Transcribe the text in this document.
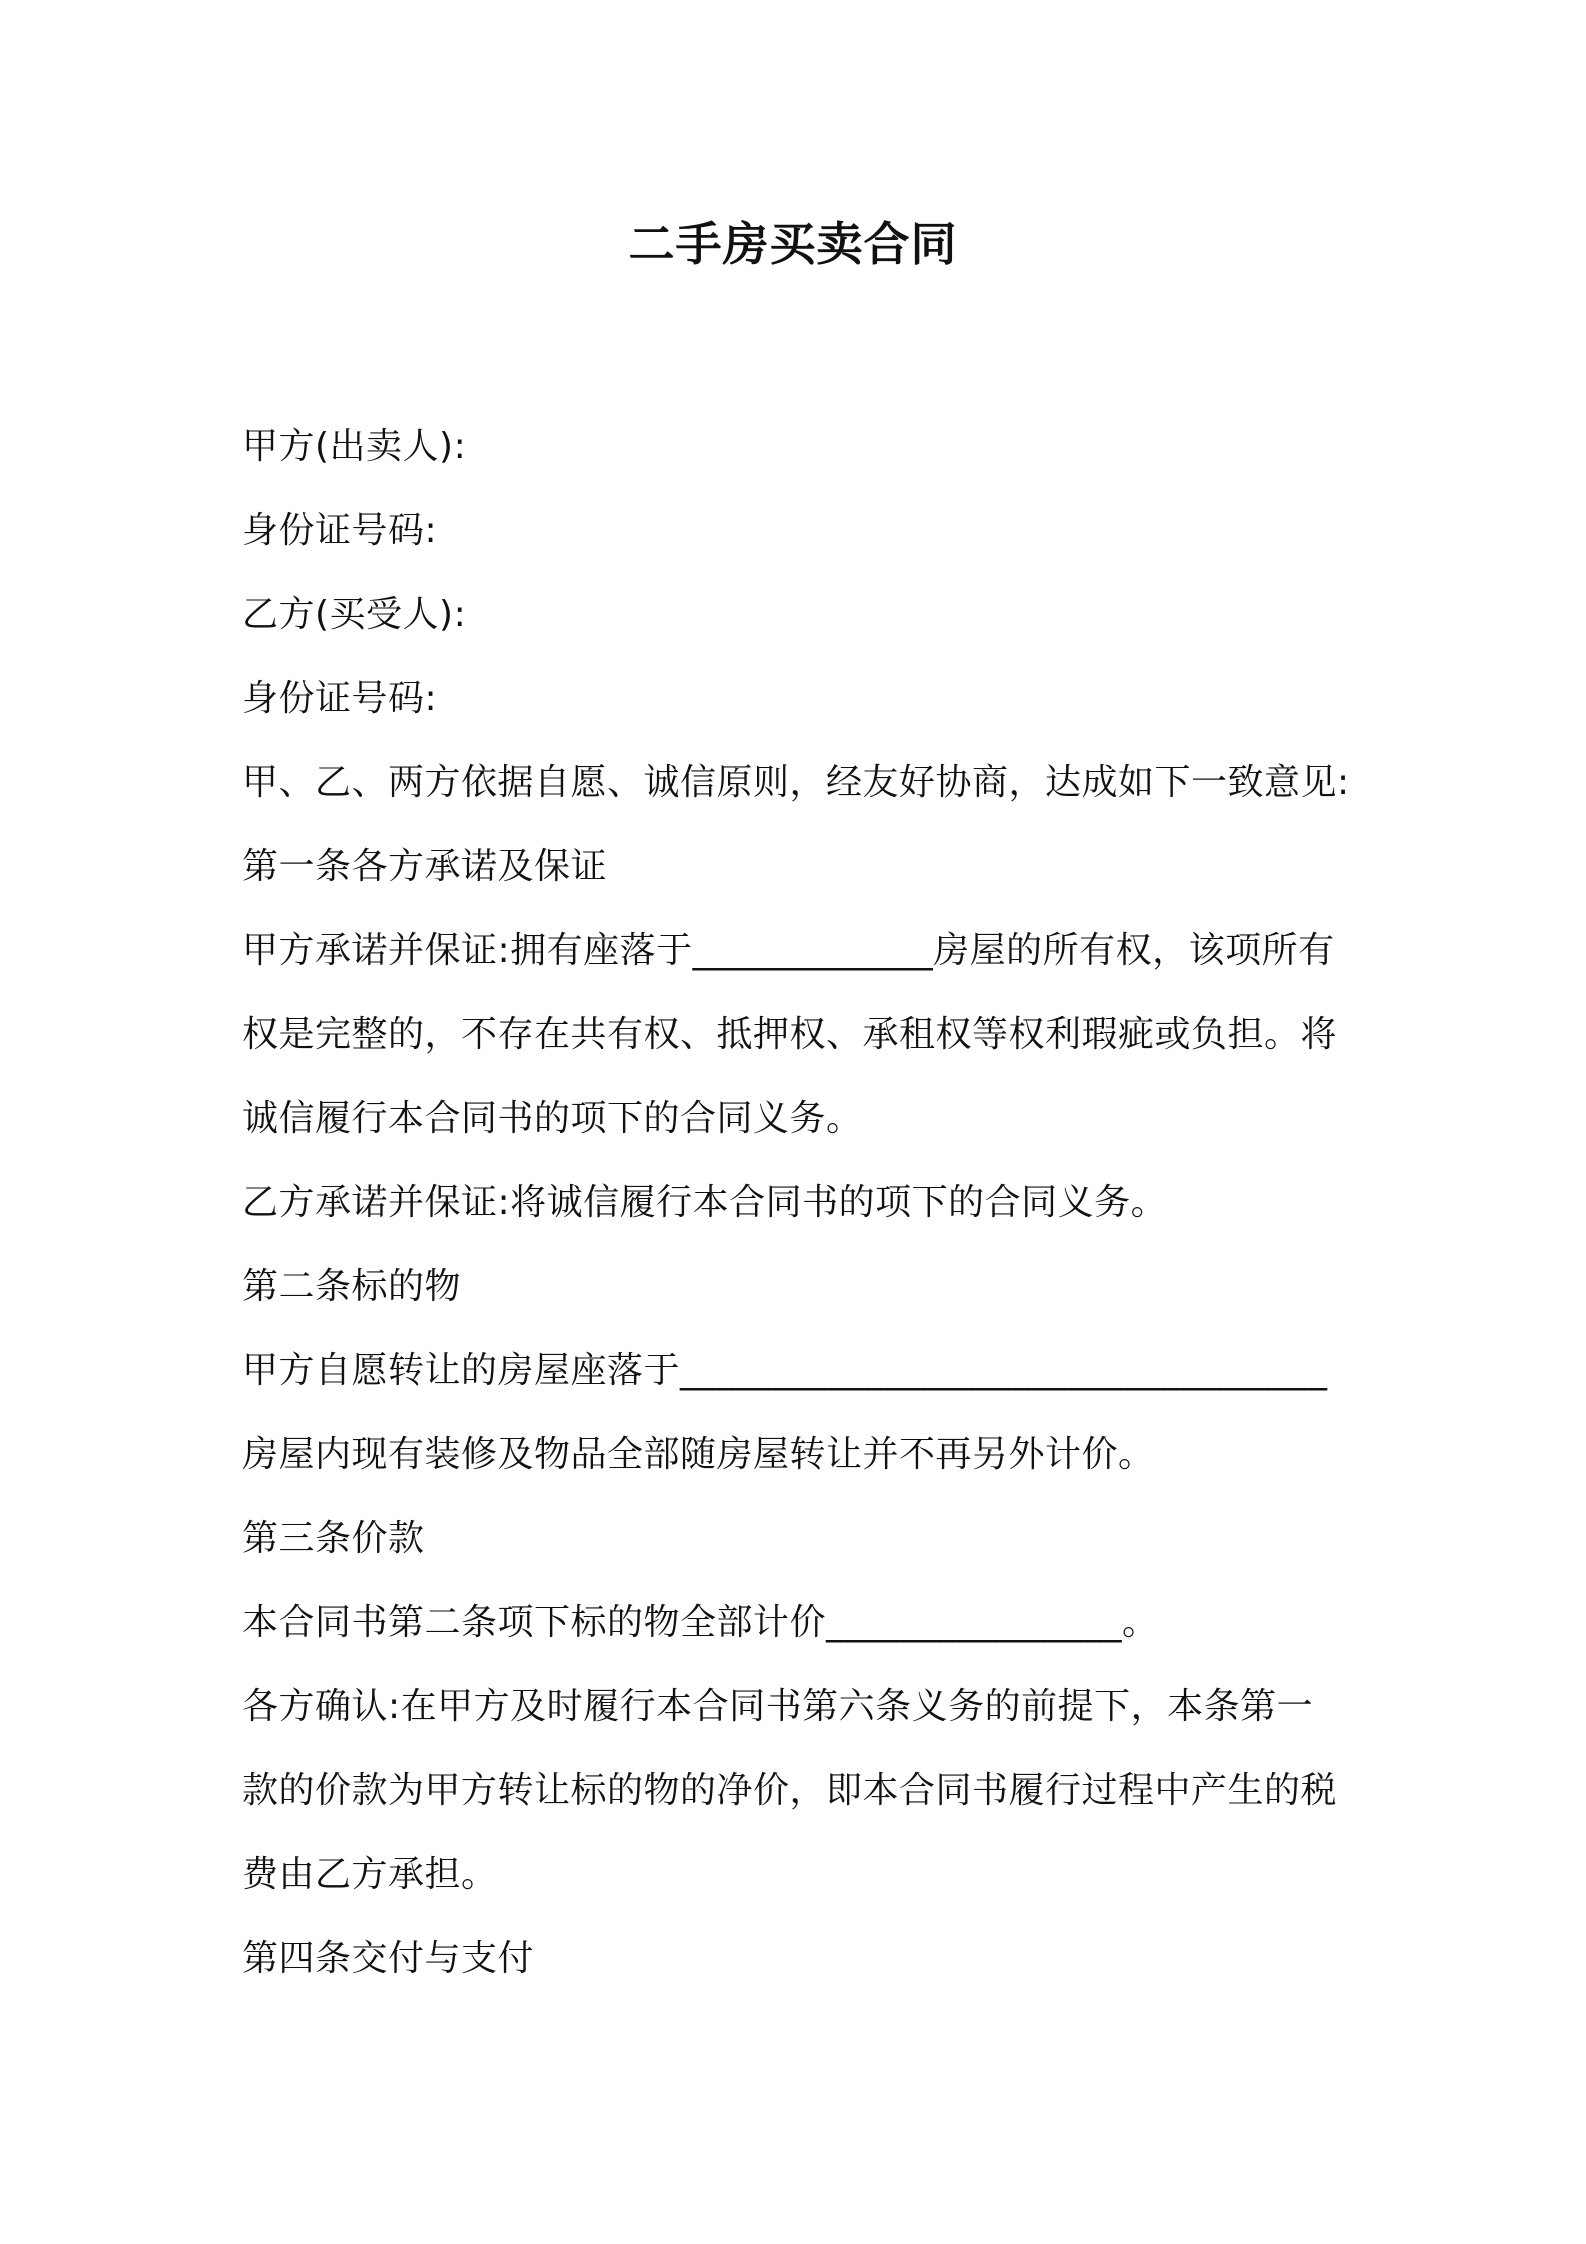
二手房买卖合同
甲方(出卖人):
身份证号码:
乙方(买受人):
身份证号码:
甲、乙、两方依据自愿、诚信原则，经友好协商，达成如下一致意见:
第一条各方承诺及保证
甲方承诺并保证:拥有座落于_____________房屋的所有权，该项所有
权是完整的，不存在共有权、抵押权、承租权等权利瑕疵或负担。将
诚信履行本合同书的项下的合同义务。
乙方承诺并保证:将诚信履行本合同书的项下的合同义务。
第二条标的物
甲方自愿转让的房屋座落于___________________________________
房屋内现有装修及物品全部随房屋转让并不再另外计价。
第三条价款
本合同书第二条项下标的物全部计价________________。
各方确认:在甲方及时履行本合同书第六条义务的前提下，本条第一
款的价款为甲方转让标的物的净价，即本合同书履行过程中产生的税
费由乙方承担。
第四条交付与支付
